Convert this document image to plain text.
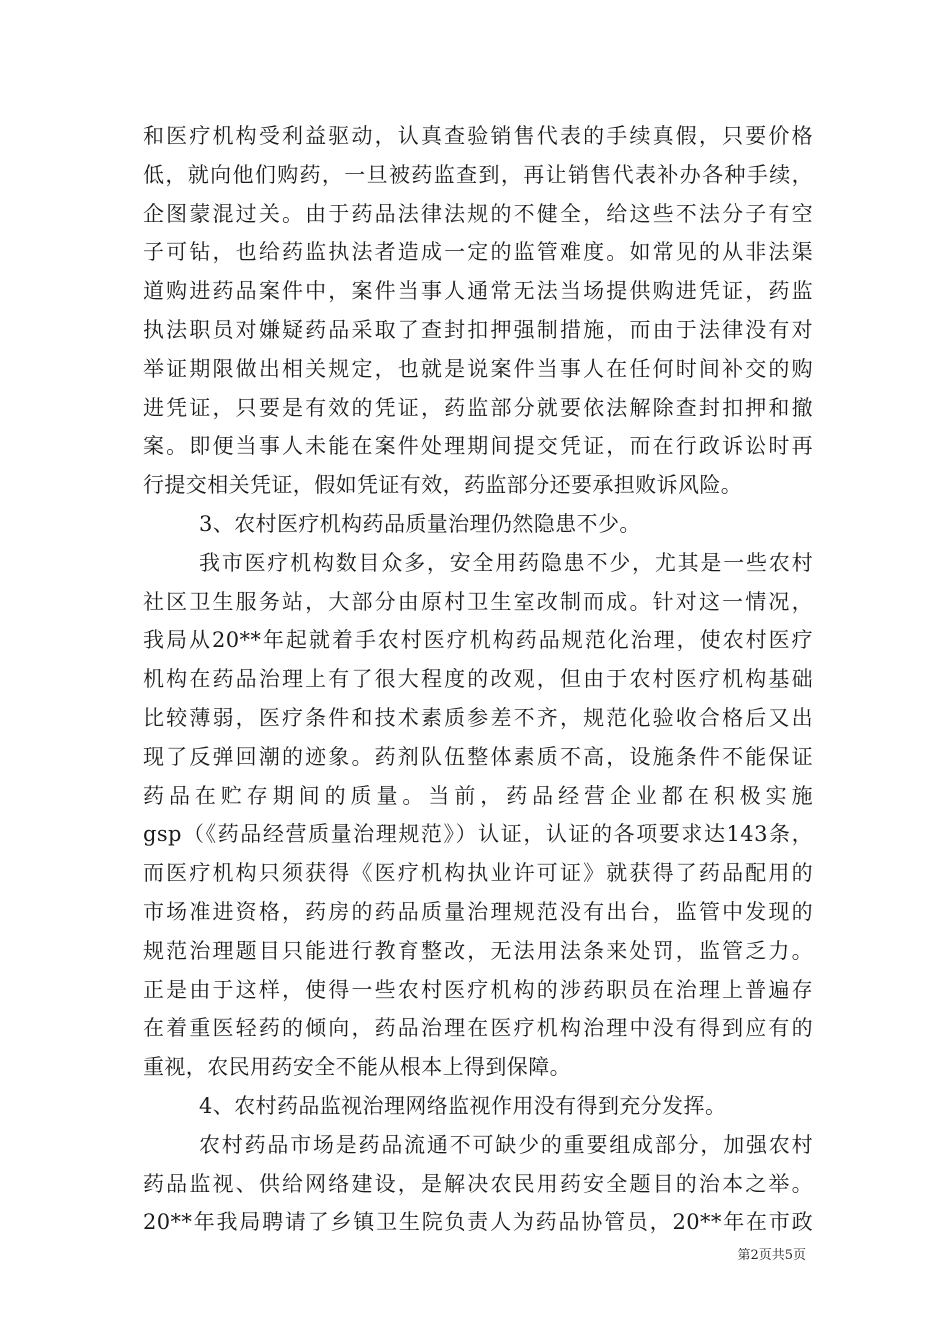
和医疗机构受利益驱动，认真查验销售代表的手续真假，只要价格
低，就向他们购药，一旦被药监查到，再让销售代表补办各种手续，
企图蒙混过关。由于药品法律法规的不健全，给这些不法分子有空
子可钻，也给药监执法者造成一定的监管难度。如常见的从非法渠
道购进药品案件中，案件当事人通常无法当场提供购进凭证，药监
执法职员对嫌疑药品采取了查封扣押强制措施，而由于法律没有对
举证期限做出相关规定，也就是说案件当事人在任何时间补交的购
进凭证，只要是有效的凭证，药监部分就要依法解除查封扣押和撤
案。即便当事人未能在案件处理期间提交凭证，而在行政诉讼时再
行提交相关凭证，假如凭证有效，药监部分还要承担败诉风险。
3、农村医疗机构药品质量治理仍然隐患不少。
我市医疗机构数目众多，安全用药隐患不少，尤其是一些农村
社区卫生服务站，大部分由原村卫生室改制而成。针对这一情况，
我局从20**年起就着手农村医疗机构药品规范化治理，使农村医疗
机构在药品治理上有了很大程度的改观，但由于农村医疗机构基础
比较薄弱，医疗条件和技术素质参差不齐，规范化验收合格后又出
现了反弹回潮的迹象。药剂队伍整体素质不高，设施条件不能保证
药品在贮存期间的质量。当前，药品经营企业都在积极实施
gsp（《药品经营质量治理规范》）认证，认证的各项要求达143条，
而医疗机构只须获得《医疗机构执业许可证》就获得了药品配用的
市场准进资格，药房的药品质量治理规范没有出台，监管中发现的
规范治理题目只能进行教育整改，无法用法条来处罚，监管乏力。
正是由于这样，使得一些农村医疗机构的涉药职员在治理上普遍存
在着重医轻药的倾向，药品治理在医疗机构治理中没有得到应有的
重视，农民用药安全不能从根本上得到保障。
4、农村药品监视治理网络监视作用没有得到充分发挥。
农村药品市场是药品流通不可缺少的重要组成部分，加强农村
药品监视、供给网络建设，是解决农民用药安全题目的治本之举。
20**年我局聘请了乡镇卫生院负责人为药品协管员，20**年在市政
第2页共5页
